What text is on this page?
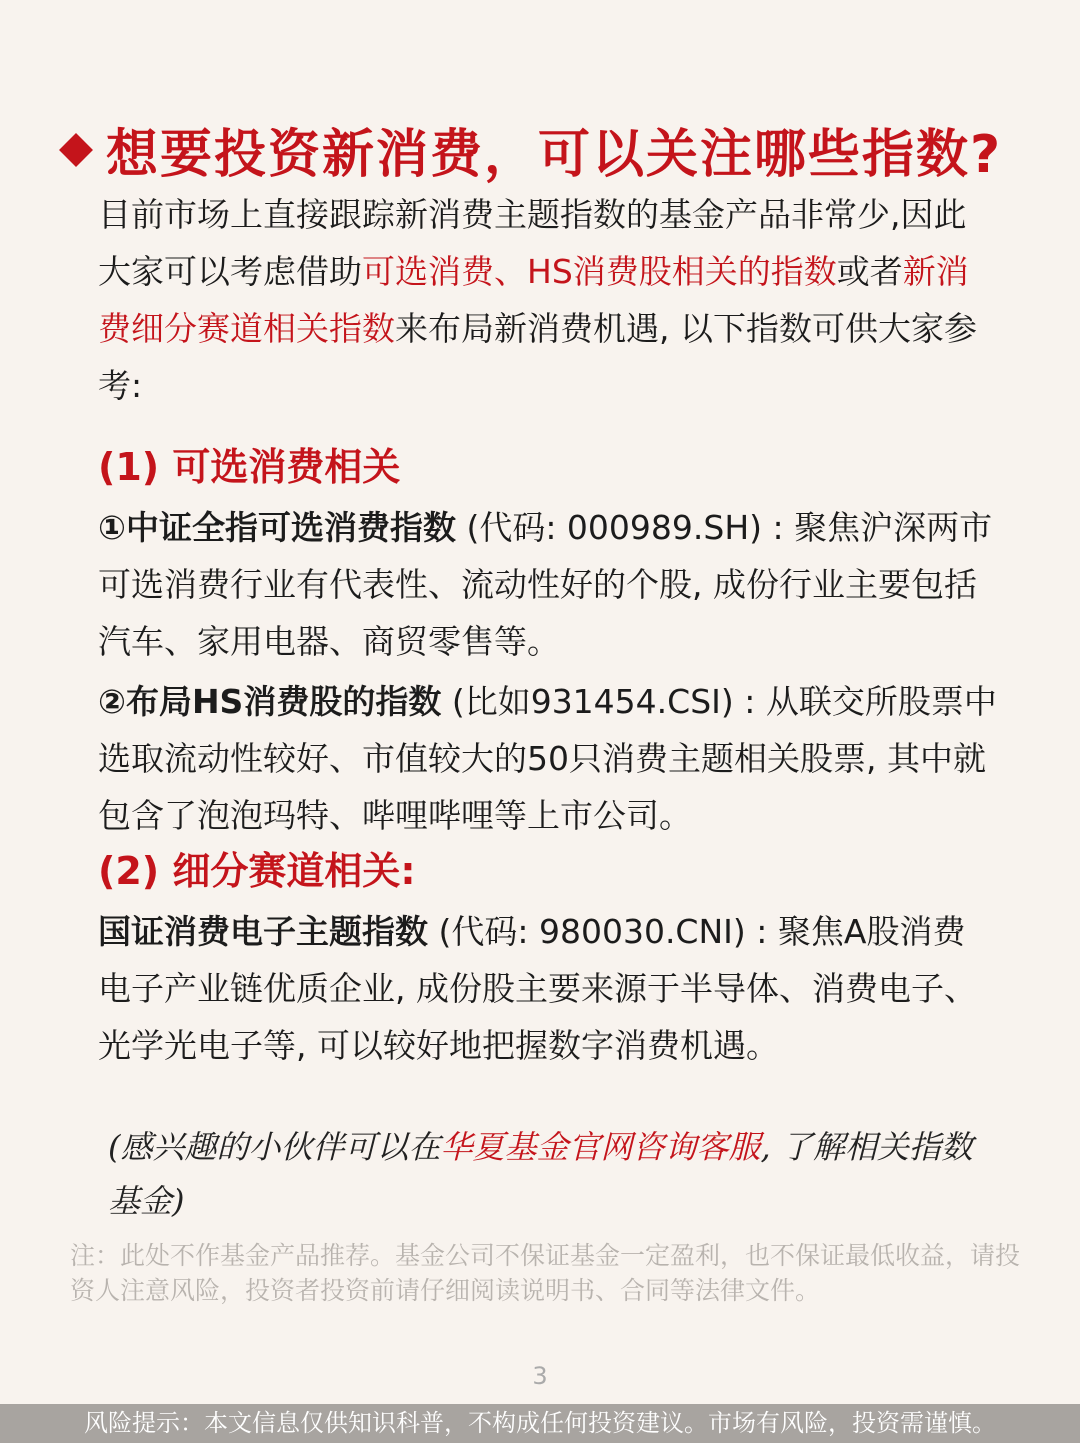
想要投资新消费，可以关注哪些指数?
目前市场上直接跟踪新消费主题指数的基金产品非常少,因此大家可以考虑借助可选消费、HS消费股相关的指数或者新消费细分赛道相关指数来布局新消费机遇, 以下指数可供大家参考:
(1) 可选消费相关
①中证全指可选消费指数 (代码: 000989.SH) : 聚焦沪深两市可选消费行业有代表性、流动性好的个股, 成份行业主要包括汽车、家用电器、商贸零售等。
②布局HS消费股的指数 (比如931454.CSI) : 从联交所股票中选取流动性较好、市值较大的50只消费主题相关股票, 其中就包含了泡泡玛特、哔哩哔哩等上市公司。
(2) 细分赛道相关:
国证消费电子主题指数 (代码: 980030.CNI) : 聚焦A股消费电子产业链优质企业, 成份股主要来源于半导体、消费电子、光学光电子等, 可以较好地把握数字消费机遇。
(感兴趣的小伙伴可以在华夏基金官网咨询客服, 了解相关指数基金)
注：此处不作基金产品推荐。基金公司不保证基金一定盈利，也不保证最低收益，请投资人注意风险，投资者投资前请仔细阅读说明书、合同等法律文件。
3
风险提示：本文信息仅供知识科普，不构成任何投资建议。市场有风险，投资需谨慎。
